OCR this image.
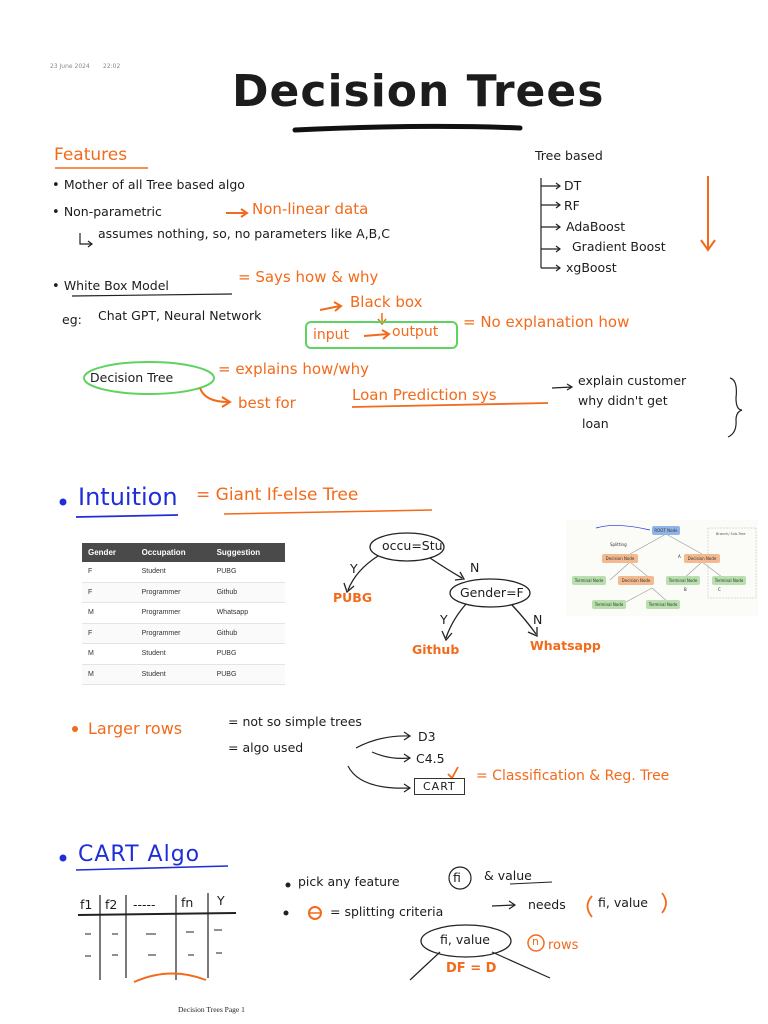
23 June 2024 22:02	Decision Trees
Features
• Mother of all Tree based algo
• Non-parametric	Non-linear data
assumes nothing, so, no parameters like A,B,C
• White Box Model	= Says how & why
eg: Chat GPT, Neural Network
Black box
input	output
= No explanation how
Decision Tree	= explains how/why
best for	Loan Prediction sys
explain customer
why didn't get
loan
Tree based
DT
RF
AdaBoost
Gradient Boost
xgBoost
Intuition = Giant If-else Tree
Gender	Occupation	Suggestion
F	Student	PUBG
F	Programmer	Github
M	Programmer	Whatsapp
F	Programmer	Github
M	Student	PUBG
M	Student	PUBG
occu=Stu
Y	N
PUBG	Gender=F
Y	N
Github	Whatsapp
ROOT Node
Branch/ Sub-Tree
Splitting
Decision Node	Decision Node
A
Terminal Node	Decision Node	Terminal Node	Terminal Node
B	C
Terminal Node	Terminal Node
Larger rows	= not so simple trees
= algo used
D3
C4.5
CART
= Classification & Reg. Tree
CART Algo
f1 f2 ----- fn Y
pick any feature	fi & value
= splitting criteria	needs	fi, value
fi, value	n rows
DF = D
Decision Trees Page 1
